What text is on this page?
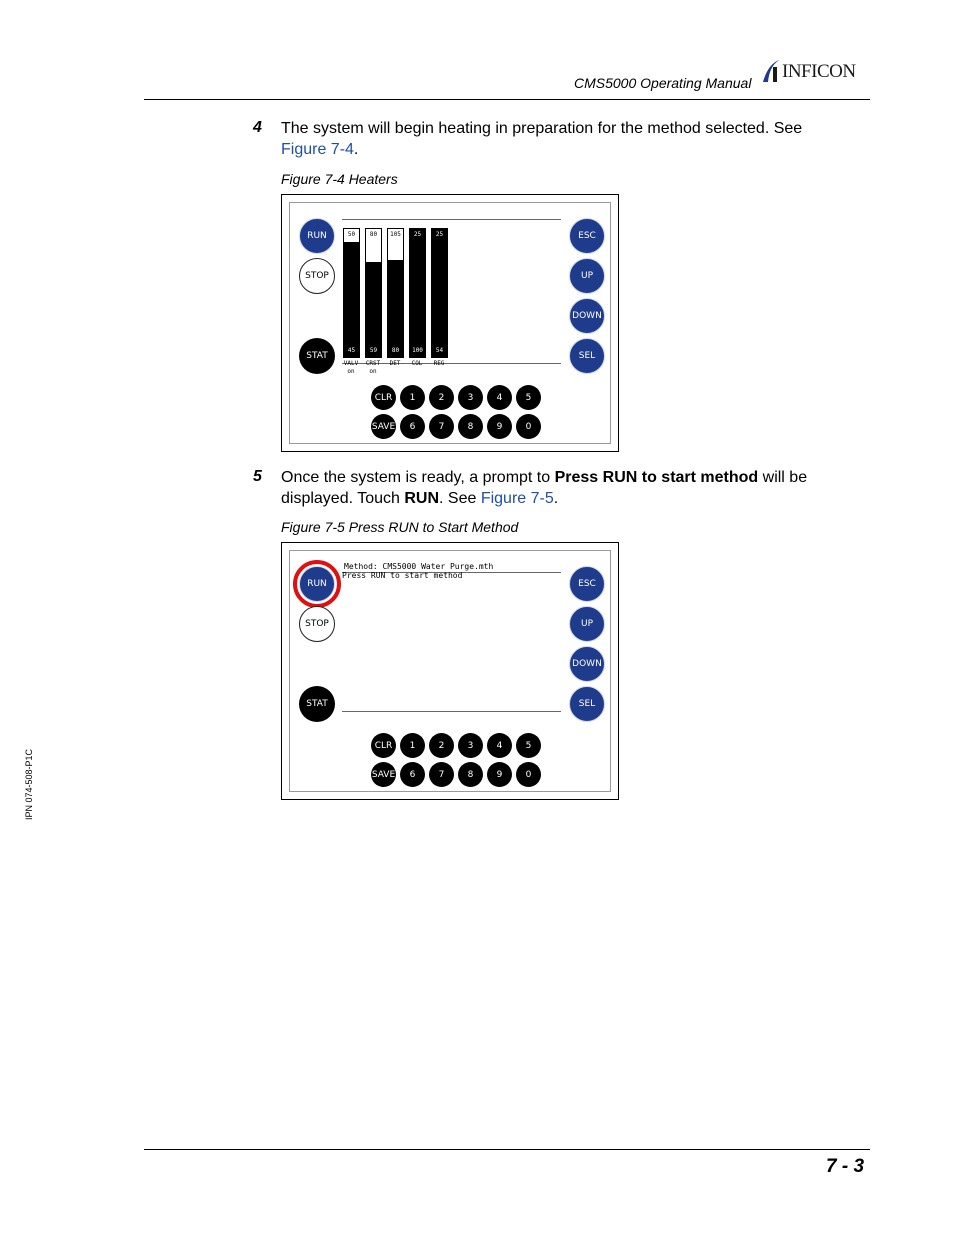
CMS5000 Operating Manual
INFICON
4 The system will begin heating in preparation for the method selected. See Figure 7-4.
Figure 7-4 Heaters
RUN
STOP
STAT
ESC
UP
DOWN
SEL
50
45
VALV
on
80
59
CRST
on
105
80
DET
25
100
COL
25
54
REG
CLR	1	2	3	4	5
SAVE	6	7	8	9	0
5 Once the system is ready, a prompt to Press RUN to start method will be displayed. Touch RUN. See Figure 7-5.
Figure 7-5 Press RUN to Start Method
RUN
STOP
STAT
ESC
UP
DOWN
SEL
Method: CMS5000 Water Purge.mth
Press RUN to start method
CLR	1	2	3	4	5
SAVE	6	7	8	9	0
IPN 074-508-P1C
7 - 3
